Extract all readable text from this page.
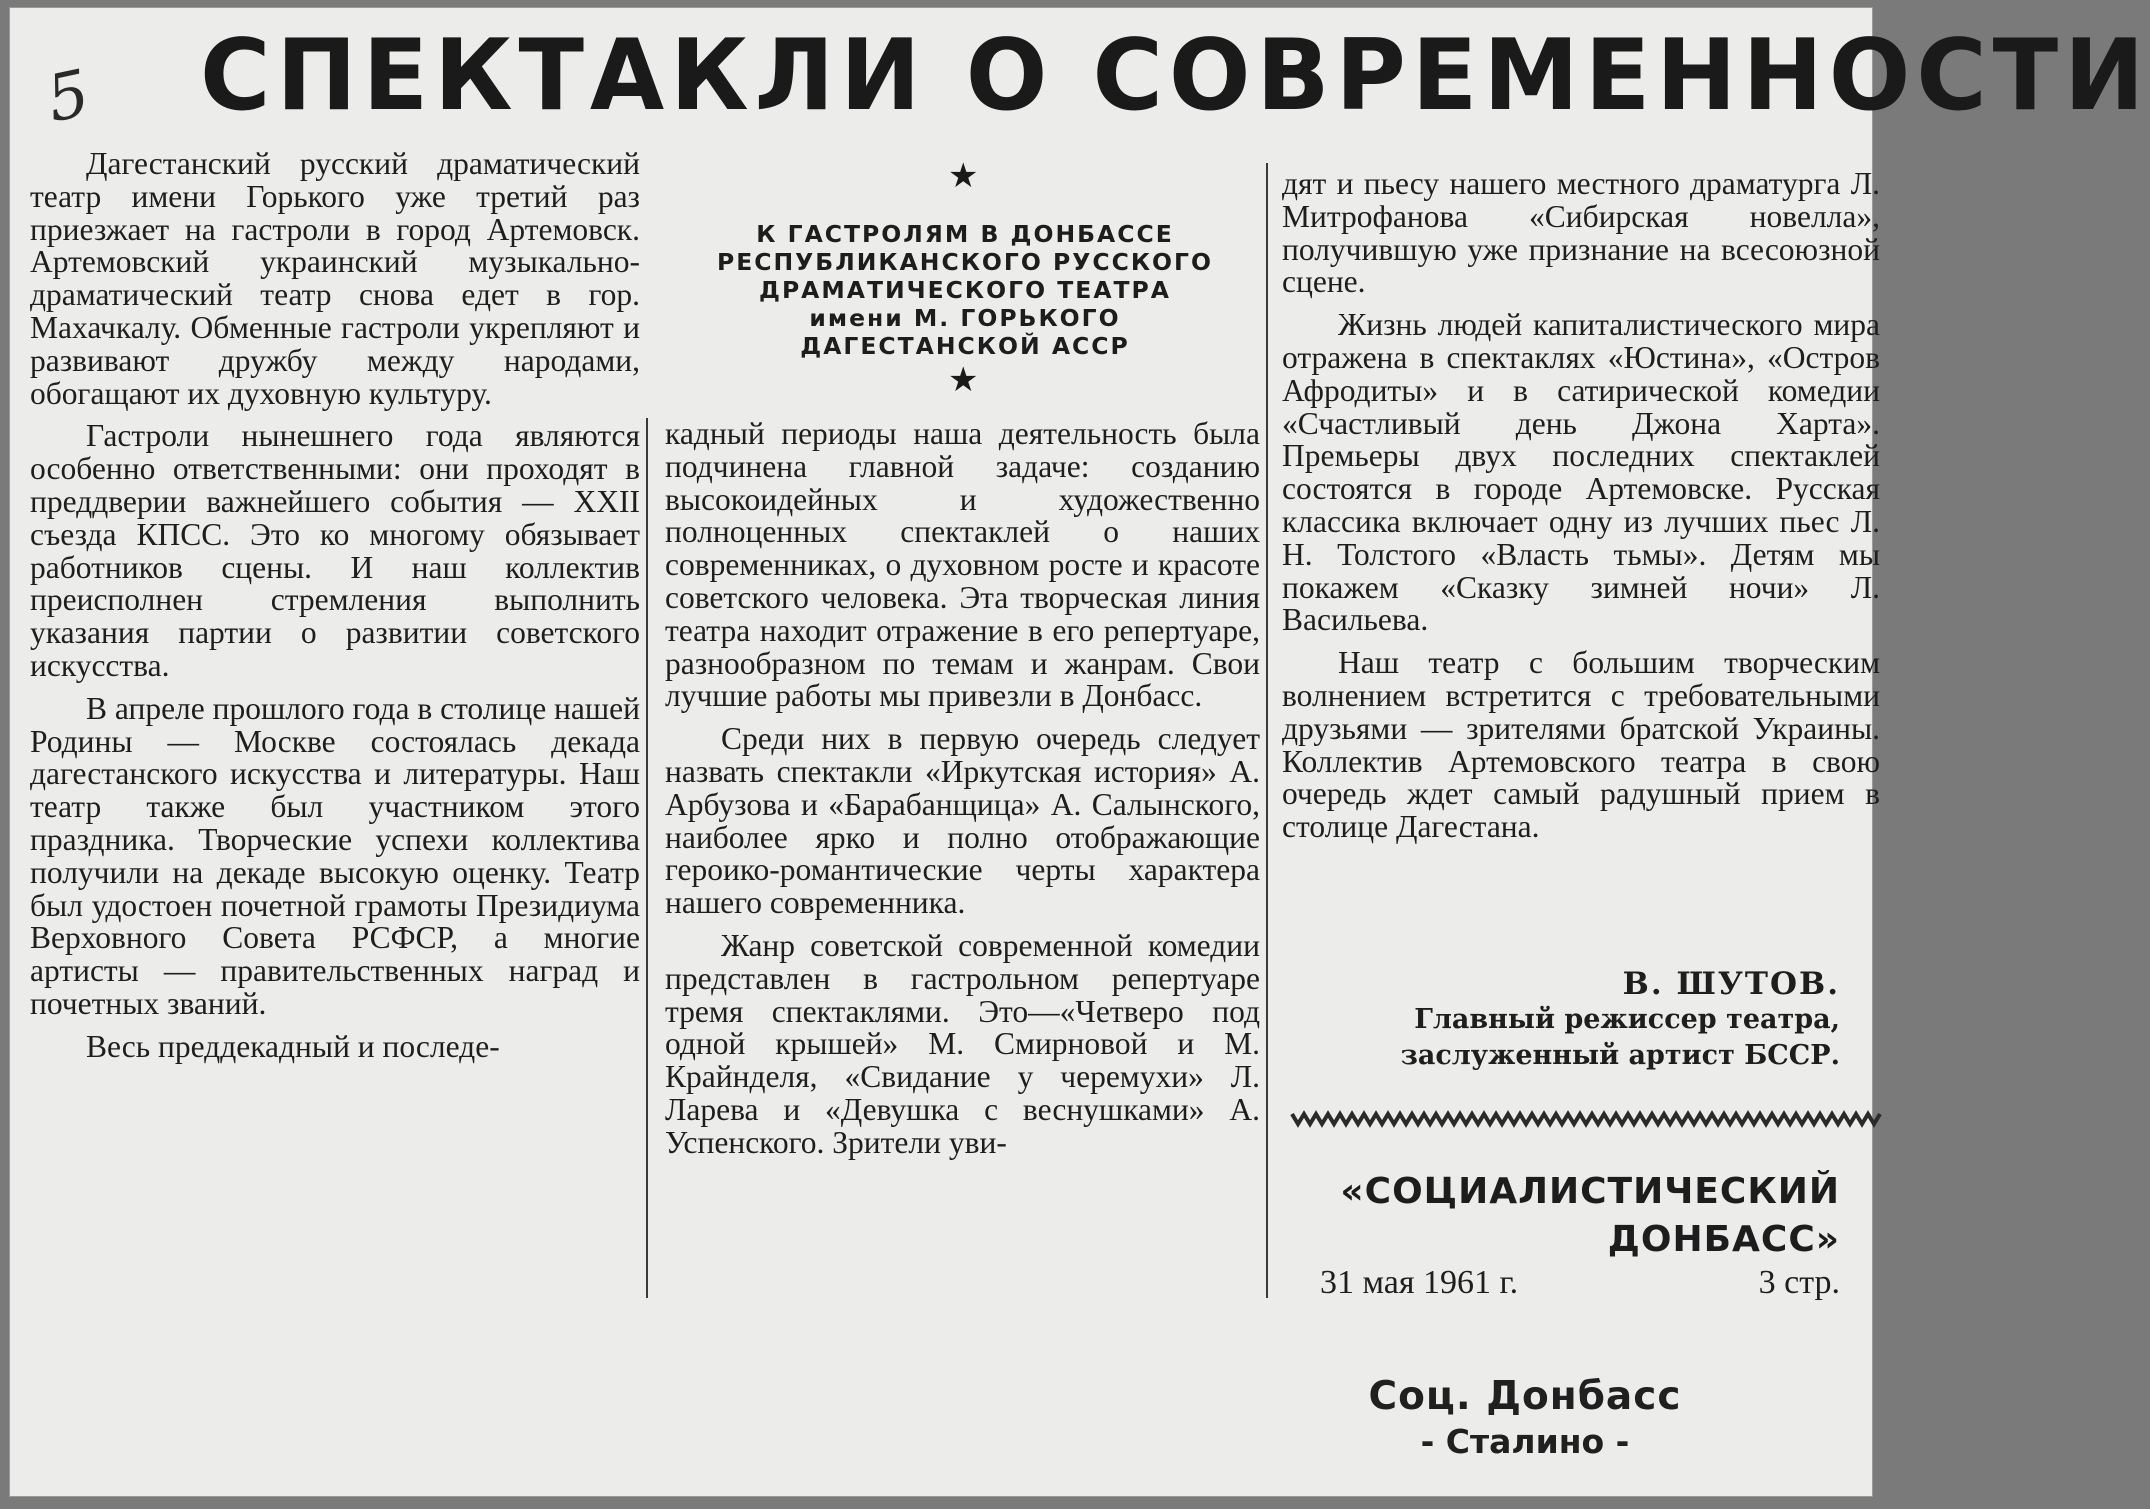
5 СПЕКТАКЛИ О СОВРЕМЕННОСТИ

Дагестанский русский драматический театр имени Горького уже третий раз приезжает на гастроли в город Артемовск. Артемовский украинский музыкально-драматический театр снова едет в гор. Махачкалу. Обменные гастроли укрепляют и развивают дружбу между народами, обогащают их духовную культуру.

Гастроли нынешнего года являются особенно ответственными: они проходят в преддверии важнейшего события — XXII съезда КПСС. Это ко многому обязывает работников сцены. И наш коллектив преисполнен стремления выполнить указания партии о развитии советского искусства.

В апреле прошлого года в столице нашей Родины — Москве состоялась декада дагестанского искусства и литературы. Наш театр также был участником этого праздника. Творческие успехи коллектива получили на декаде высокую оценку. Театр был удостоен почетной грамоты Президиума Верховного Совета РСФСР, а многие артисты — правительственных наград и почетных званий.

Весь преддекадный и последе-

★
К ГАСТРОЛЯМ В ДОНБАССЕ
РЕСПУБЛИКАНСКОГО РУССКОГО
ДРАМАТИЧЕСКОГО ТЕАТРА
имени М. ГОРЬКОГО
ДАГЕСТАНСКОЙ АССР
★

кадный периоды наша деятельность была подчинена главной задаче: созданию высокоидейных и художественно полноценных спектаклей о наших современниках, о духовном росте и красоте советского человека. Эта творческая линия театра находит отражение в его репертуаре, разнообразном по темам и жанрам. Свои лучшие работы мы привезли в Донбасс.

Среди них в первую очередь следует назвать спектакли «Иркутская история» А. Арбузова и «Барабанщица» А. Салынского, наиболее ярко и полно отображающие героико-романтические черты характера нашего современника.

Жанр советской современной комедии представлен в гастрольном репертуаре тремя спектаклями. Это—«Четверо под одной крышей» М. Смирновой и М. Крайнделя, «Свидание у черемухи» Л. Ларева и «Девушка с веснушками» А. Успенского. Зрители уви-

дят и пьесу нашего местного драматурга Л. Митрофанова «Сибирская новелла», получившую уже признание на всесоюзной сцене.

Жизнь людей капиталистического мира отражена в спектаклях «Юстина», «Остров Афродиты» и в сатирической комедии «Счастливый день Джона Харта». Премьеры двух последних спектаклей состоятся в городе Артемовске. Русская классика включает одну из лучших пьес Л. Н. Толстого «Власть тьмы». Детям мы покажем «Сказку зимней ночи» Л. Васильева.

Наш театр с большим творческим волнением встретится с требовательными друзьями — зрителями братской Украины. Коллектив Артемовского театра в свою очередь ждет самый радушный прием в столице Дагестана.

В. ШУТОВ.
Главный режиссер театра,
заслуженный артист БССР.
«СОЦИАЛИСТИЧЕСКИЙ
ДОНБАСС»
31 мая 1961 г.	3 стр.
Соц. Донбасс
- Сталино -
